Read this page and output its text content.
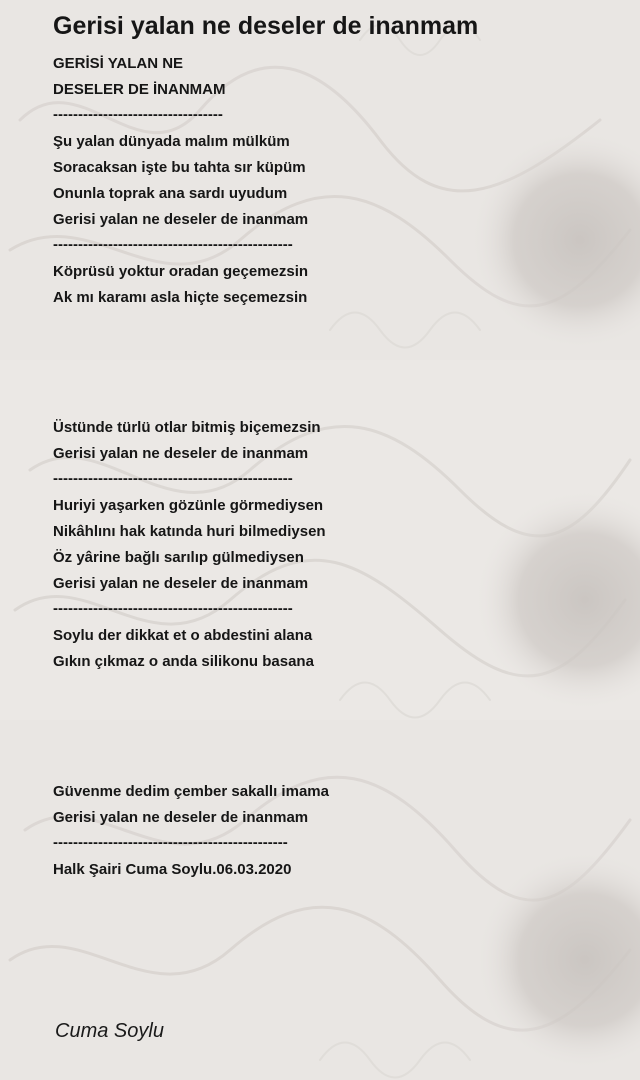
Gerisi yalan ne deseler de inanmam
GERİSİ YALAN NE
DESELER DE İNANMAM
----------------------------------
Şu yalan dünyada malım mülküm
Soracaksan işte bu tahta sır küpüm
Onunla toprak ana sardı uyudum
Gerisi yalan ne deseler de inanmam
------------------------------------------------
Köprüsü yoktur oradan geçemezsin
Ak mı karamı asla hiçte seçemezsin
Üstünde türlü otlar bitmiş biçemezsin
Gerisi yalan ne deseler de inanmam
------------------------------------------------
Huriyi yaşarken gözünle görmediysen
Nikâhlını hak katında huri bilmediysen
Öz yârine bağlı sarılıp gülmediysen
Gerisi yalan ne deseler de inanmam
------------------------------------------------
Soylu der dikkat et o abdestini alana
Gıkın çıkmaz o anda silikonu basana
Güvenme dedim çember sakallı imama
Gerisi yalan ne deseler de inanmam
-----------------------------------------------
Halk Şairi Cuma Soylu.06.03.2020
Cuma Soylu
